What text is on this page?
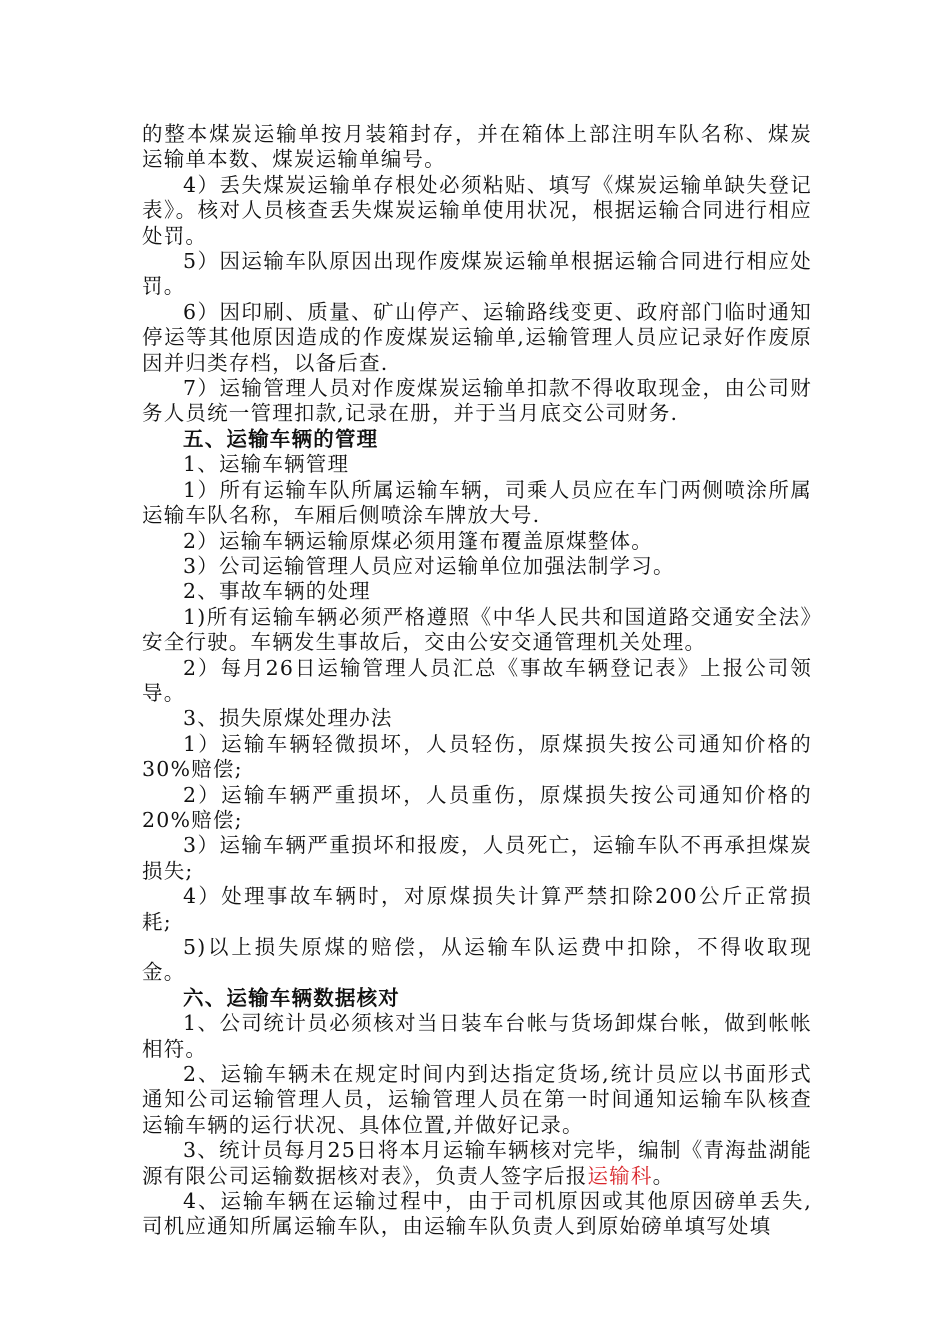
的整本煤炭运输单按月装箱封存，并在箱体上部注明车队名称、煤炭运输单本数、煤炭运输单编号。

4）丢失煤炭运输单存根处必须粘贴、填写《煤炭运输单缺失登记表》。核对人员核查丢失煤炭运输单使用状况，根据运输合同进行相应处罚。

5）因运输车队原因出现作废煤炭运输单根据运输合同进行相应处罚。

6）因印刷、质量、矿山停产、运输路线变更、政府部门临时通知停运等其他原因造成的作废煤炭运输单,运输管理人员应记录好作废原因并归类存档，以备后查.

7）运输管理人员对作废煤炭运输单扣款不得收取现金，由公司财务人员统一管理扣款,记录在册，并于当月底交公司财务.

五、运输车辆的管理

1、运输车辆管理

1）所有运输车队所属运输车辆，司乘人员应在车门两侧喷涂所属运输车队名称，车厢后侧喷涂车牌放大号.

2）运输车辆运输原煤必须用篷布覆盖原煤整体。

3）公司运输管理人员应对运输单位加强法制学习。

2、事故车辆的处理

1)所有运输车辆必须严格遵照《中华人民共和国道路交通安全法》安全行驶。车辆发生事故后，交由公安交通管理机关处理。

2）每月26日运输管理人员汇总《事故车辆登记表》上报公司领导。

3、损失原煤处理办法

1）运输车辆轻微损坏，人员轻伤，原煤损失按公司通知价格的30%赔偿;

2）运输车辆严重损坏，人员重伤，原煤损失按公司通知价格的20%赔偿;

3）运输车辆严重损坏和报废，人员死亡，运输车队不再承担煤炭损失;

4）处理事故车辆时，对原煤损失计算严禁扣除200公斤正常损耗;

5)以上损失原煤的赔偿，从运输车队运费中扣除，不得收取现金。

六、运输车辆数据核对

1、公司统计员必须核对当日装车台帐与货场卸煤台帐，做到帐帐相符。

2、运输车辆未在规定时间内到达指定货场,统计员应以书面形式通知公司运输管理人员，运输管理人员在第一时间通知运输车队核查运输车辆的运行状况、具体位置,并做好记录。

3、统计员每月25日将本月运输车辆核对完毕，编制《青海盐湖能源有限公司运输数据核对表》，负责人签字后报运输科。

4、运输车辆在运输过程中，由于司机原因或其他原因磅单丢失,司机应通知所属运输车队，由运输车队负责人到原始磅单填写处填
